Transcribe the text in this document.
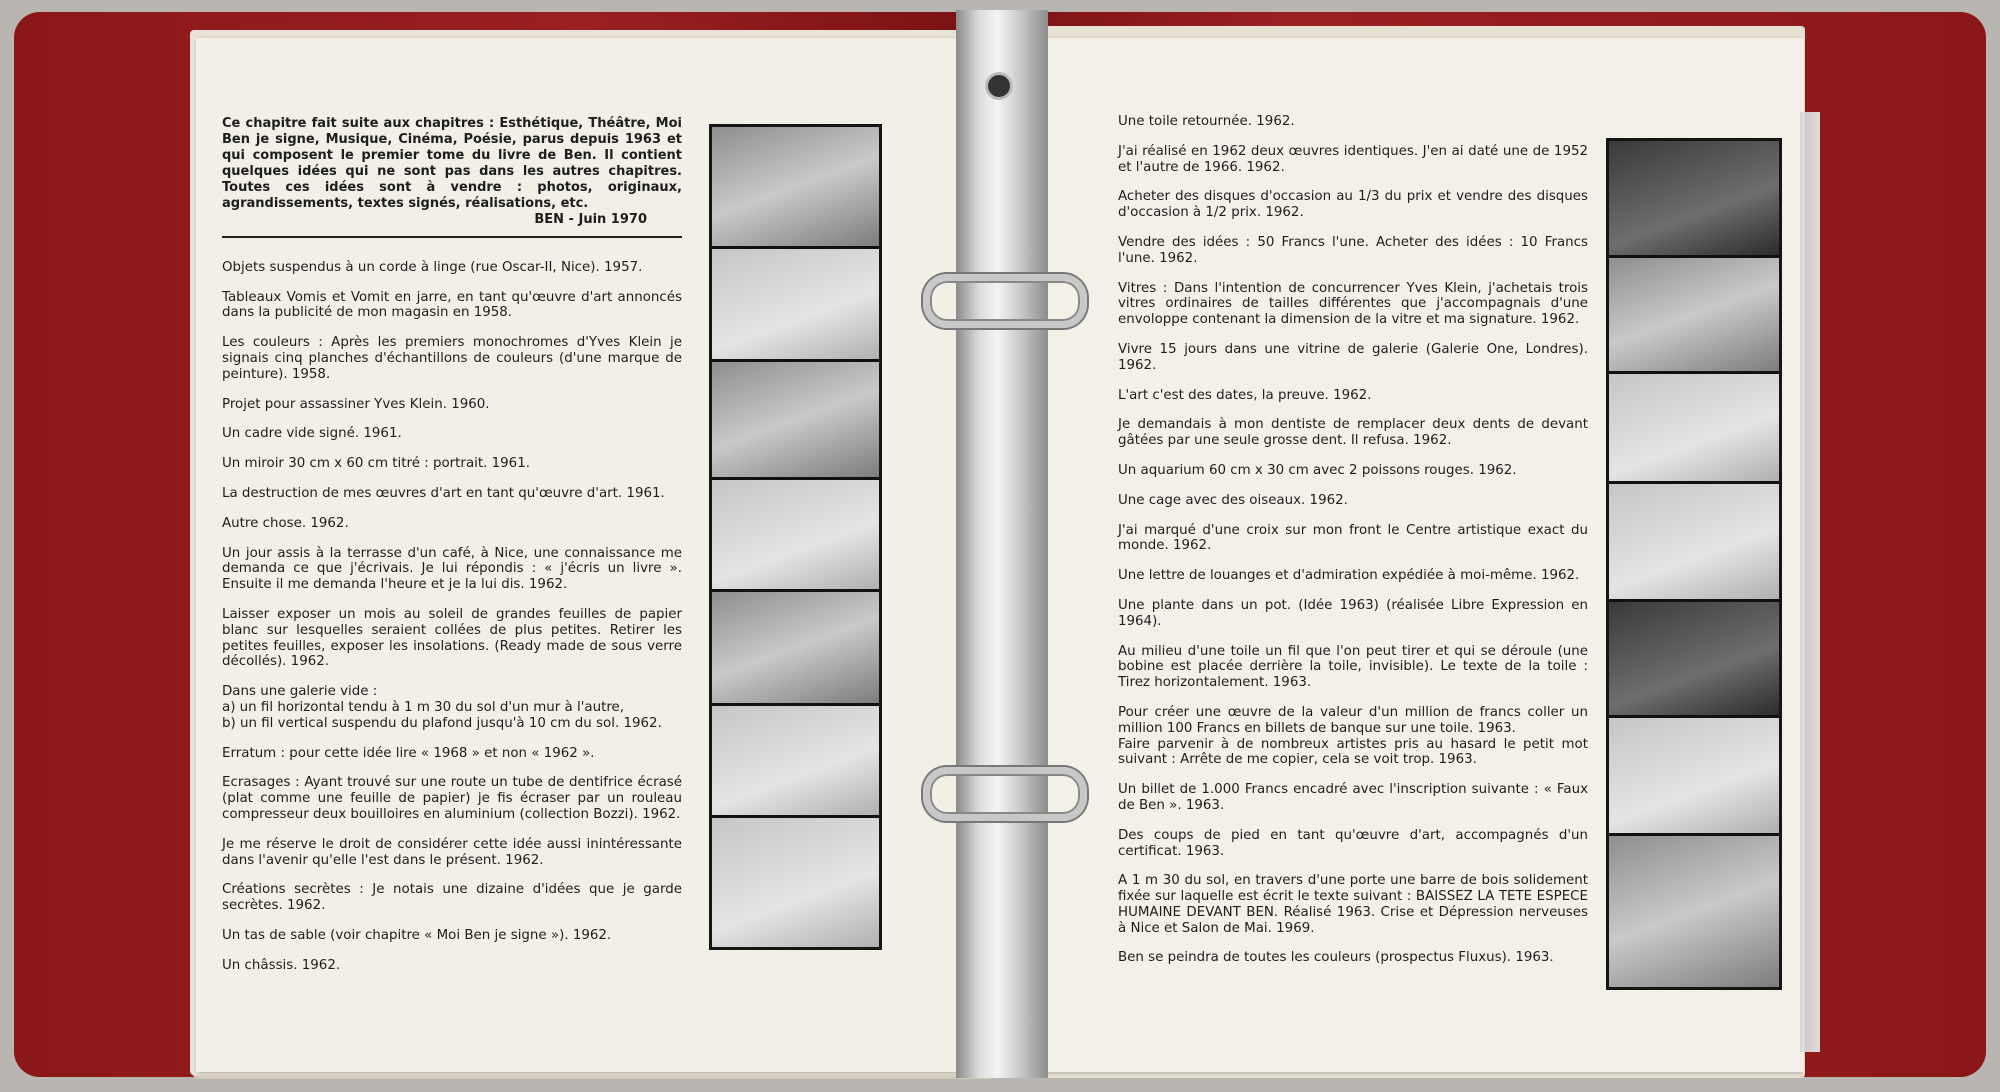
Ce chapitre fait suite aux chapitres : Esthétique, Théâtre, Moi Ben je signe, Musique, Cinéma, Poésie, parus depuis 1963 et qui composent le premier tome du livre de Ben. Il contient quelques idées qui ne sont pas dans les autres chapitres. Toutes ces idées sont à vendre : photos, originaux, agrandissements, textes signés, réalisations, etc.
BEN - Juin 1970

Objets suspendus à un corde à linge (rue Oscar-II, Nice). 1957.

Tableaux Vomis et Vomit en jarre, en tant qu'œuvre d'art annoncés dans la publicité de mon magasin en 1958.

Les couleurs : Après les premiers monochromes d'Yves Klein je signais cinq planches d'échantillons de couleurs (d'une marque de peinture). 1958.

Projet pour assassiner Yves Klein. 1960.

Un cadre vide signé. 1961.

Un miroir 30 cm x 60 cm titré : portrait. 1961.

La destruction de mes œuvres d'art en tant qu'œuvre d'art. 1961.

Autre chose. 1962.

Un jour assis à la terrasse d'un café, à Nice, une connaissance me demanda ce que j'écrivais. Je lui répondis : « j'écris un livre ». Ensuite il me demanda l'heure et je la lui dis. 1962.

Laisser exposer un mois au soleil de grandes feuilles de papier blanc sur lesquelles seraient collées de plus petites. Retirer les petites feuilles, exposer les insolations. (Ready made de sous verre décollés). 1962.

Dans une galerie vide :
a) un fil horizontal tendu à 1 m 30 du sol d'un mur à l'autre,
b) un fil vertical suspendu du plafond jusqu'à 10 cm du sol. 1962.

Erratum : pour cette idée lire « 1968 » et non « 1962 ».

Ecrasages : Ayant trouvé sur une route un tube de dentifrice écrasé (plat comme une feuille de papier) je fis écraser par un rouleau compresseur deux bouilloires en aluminium (collection Bozzi). 1962.

Je me réserve le droit de considérer cette idée aussi inintéressante dans l'avenir qu'elle l'est dans le présent. 1962.

Créations secrètes : Je notais une dizaine d'idées que je garde secrètes. 1962.

Un tas de sable (voir chapitre « Moi Ben je signe »). 1962.

Un châssis. 1962.

Une toile retournée. 1962.

J'ai réalisé en 1962 deux œuvres identiques. J'en ai daté une de 1952 et l'autre de 1966. 1962.

Acheter des disques d'occasion au 1/3 du prix et vendre des disques d'occasion à 1/2 prix. 1962.

Vendre des idées : 50 Francs l'une. Acheter des idées : 10 Francs l'une. 1962.

Vitres : Dans l'intention de concurrencer Yves Klein, j'achetais trois vitres ordinaires de tailles différentes que j'accompagnais d'une envoloppe contenant la dimension de la vitre et ma signature. 1962.

Vivre 15 jours dans une vitrine de galerie (Galerie One, Londres). 1962.

L'art c'est des dates, la preuve. 1962.

Je demandais à mon dentiste de remplacer deux dents de devant gâtées par une seule grosse dent. Il refusa. 1962.

Un aquarium 60 cm x 30 cm avec 2 poissons rouges. 1962.

Une cage avec des oiseaux. 1962.

J'ai marqué d'une croix sur mon front le Centre artistique exact du monde. 1962.

Une lettre de louanges et d'admiration expédiée à moi-même. 1962.

Une plante dans un pot. (Idée 1963) (réalisée Libre Expression en 1964).

Au milieu d'une toile un fil que l'on peut tirer et qui se déroule (une bobine est placée derrière la toile, invisible). Le texte de la toile : Tirez horizontalement. 1963.

Pour créer une œuvre de la valeur d'un million de francs coller un million 100 Francs en billets de banque sur une toile. 1963.
Faire parvenir à de nombreux artistes pris au hasard le petit mot suivant : Arrête de me copier, cela se voit trop. 1963.

Un billet de 1.000 Francs encadré avec l'inscription suivante : « Faux de Ben ». 1963.

Des coups de pied en tant qu'œuvre d'art, accompagnés d'un certificat. 1963.

A 1 m 30 du sol, en travers d'une porte une barre de bois solidement fixée sur laquelle est écrit le texte suivant : BAISSEZ LA TETE ESPECE HUMAINE DEVANT BEN. Réalisé 1963. Crise et Dépression nerveuses à Nice et Salon de Mai. 1969.

Ben se peindra de toutes les couleurs (prospectus Fluxus). 1963.
